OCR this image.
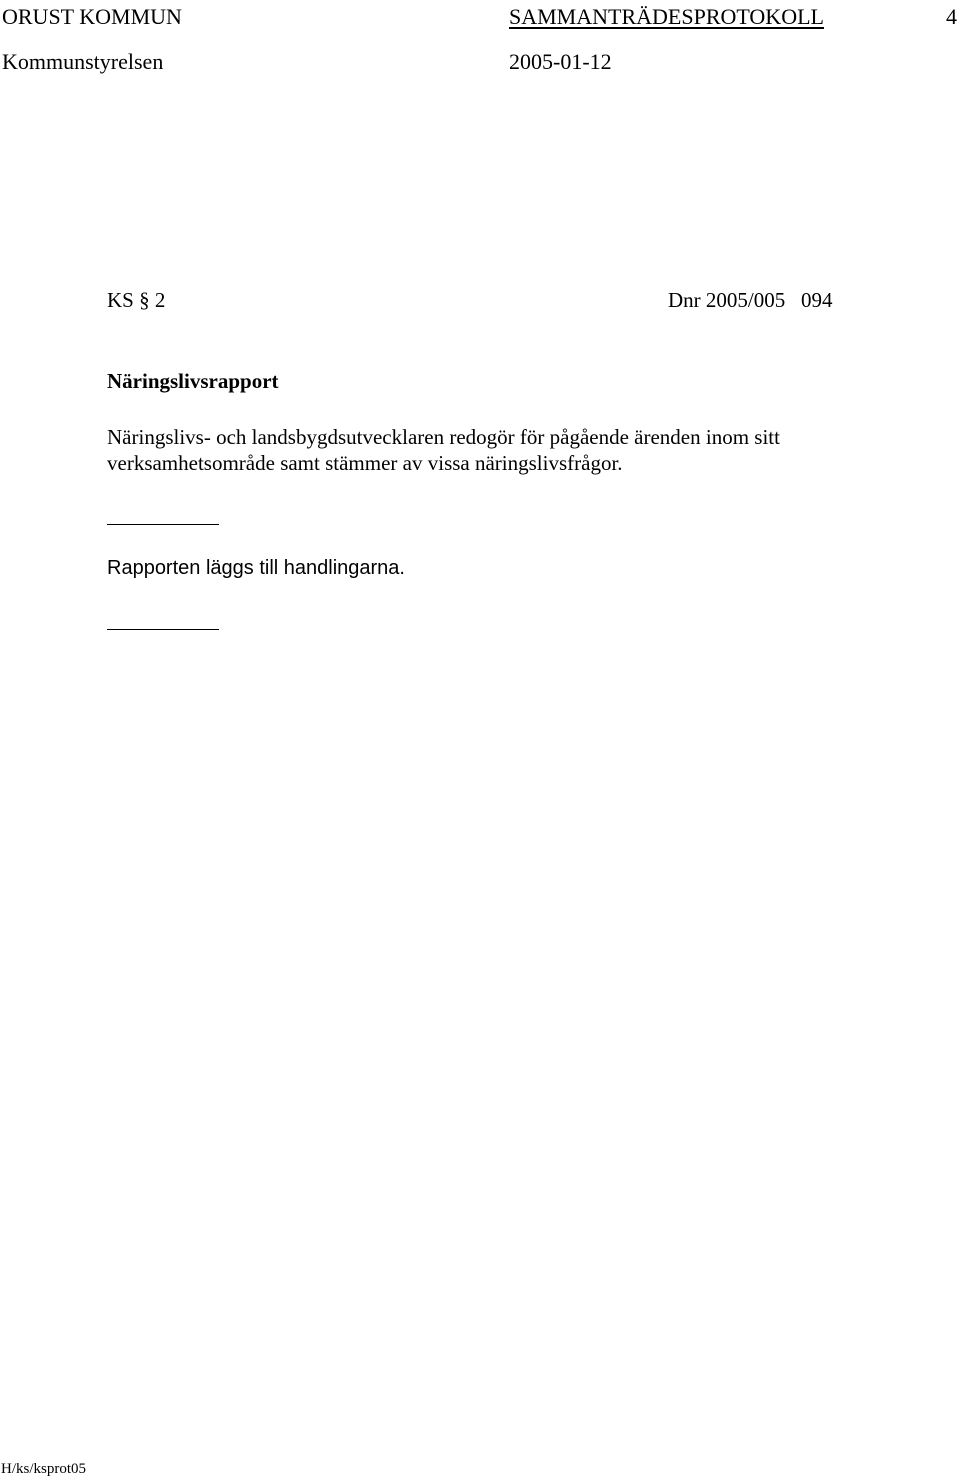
ORUST KOMMUN	SAMMANTRÄDESPROTOKOLL	4
Kommunstyrelsen	2005-01-12
KS § 2	Dnr 2005/005   094
Näringslivsrapport
Näringslivs- och landsbygdsutvecklaren redogör för pågående ärenden inom sitt
verksamhetsområde samt stämmer av vissa näringslivsfrågor.
Rapporten läggs till handlingarna.
H/ks/ksprot05
